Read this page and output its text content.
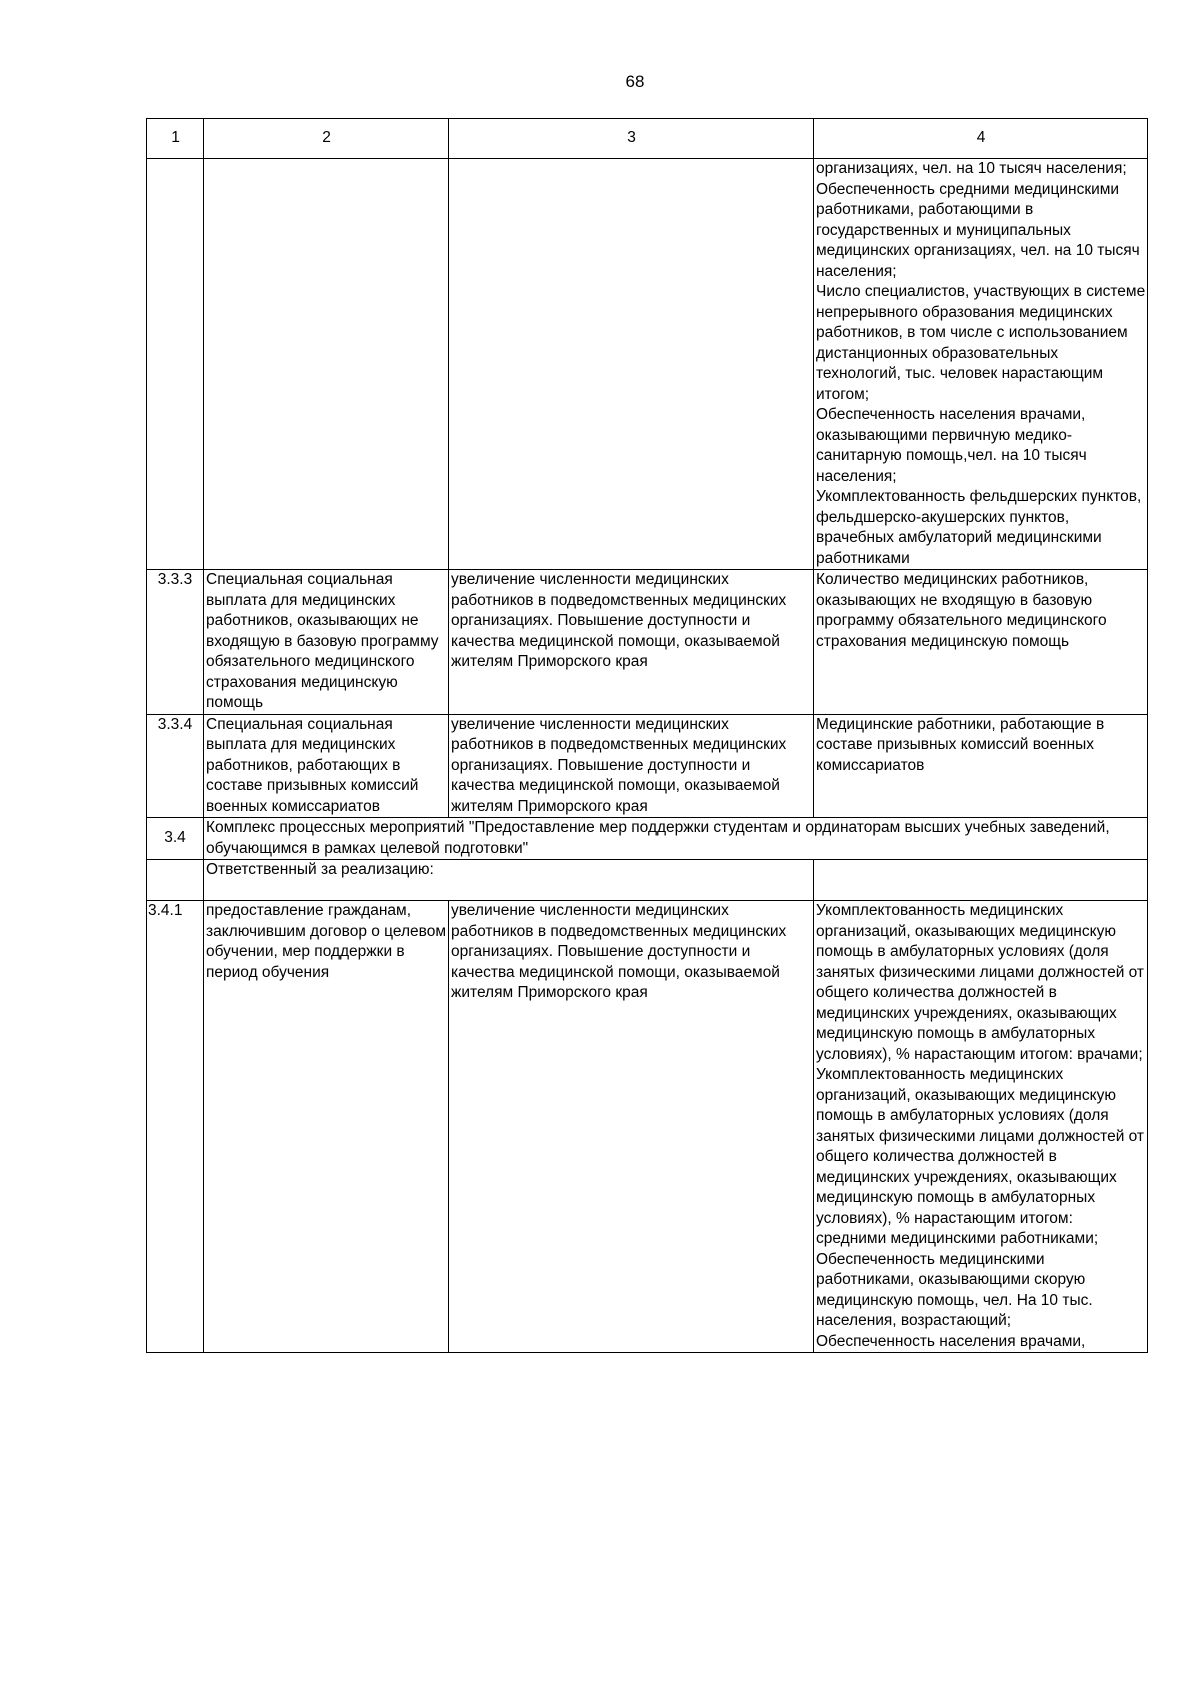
68
1	2	3	4
			организациях, чел. на 10 тысяч населения;
Обеспеченность средними медицинскими работниками, работающими в государственных и муниципальных медицинских организациях, чел. на 10 тысяч населения;
Число специалистов, участвующих в системе непрерывного образования медицинских работников, в том числе с использованием дистанционных образовательных технологий, тыс. человек нарастающим итогом;
Обеспеченность населения врачами, оказывающими первичную медико-санитарную помощь,чел. на 10 тысяч населения;
Укомплектованность фельдшерских пунктов, фельдшерско-акушерских пунктов, врачебных амбулаторий медицинскими работниками
3.3.3	Специальная социальная выплата для медицинских работников, оказывающих не входящую в базовую программу обязательного медицинского страхования медицинскую помощь	увеличение численности медицинских работников в подведомственных медицинских организациях. Повышение доступности и качества медицинской помощи, оказываемой жителям Приморского края	Количество медицинских работников, оказывающих не входящую в базовую программу обязательного медицинского страхования медицинскую помощь
3.3.4	Специальная социальная выплата для медицинских работников, работающих в составе призывных комиссий военных комиссариатов	увеличение численности медицинских работников в подведомственных медицинских организациях. Повышение доступности и качества медицинской помощи, оказываемой жителям Приморского края	Медицинские работники, работающие в составе призывных комиссий военных комиссариатов
3.4	Комплекс процессных мероприятий "Предоставление мер поддержки студентам и ординаторам высших учебных заведений, обучающимся в рамках целевой подготовки"		
	Ответственный за реализацию:		
3.4.1	предоставление гражданам, заключившим договор о целевом обучении, мер поддержки в период обучения	увеличение численности медицинских работников в подведомственных медицинских организациях. Повышение доступности и качества медицинской помощи, оказываемой жителям Приморского края	Укомплектованность медицинских организаций, оказывающих медицинскую помощь в амбулаторных условиях (доля занятых физическими лицами должностей от общего количества должностей в медицинских учреждениях, оказывающих медицинскую помощь в амбулаторных условиях), % нарастающим итогом: врачами;
Укомплектованность медицинских организаций, оказывающих медицинскую помощь в амбулаторных условиях (доля занятых физическими лицами должностей от общего количества должностей в медицинских учреждениях, оказывающих медицинскую помощь в амбулаторных условиях), % нарастающим итогом: средними медицинскими работниками;
Обеспеченность медицинскими работниками, оказывающими скорую медицинскую помощь, чел. На 10 тыс. населения, возрастающий;
Обеспеченность населения врачами,
